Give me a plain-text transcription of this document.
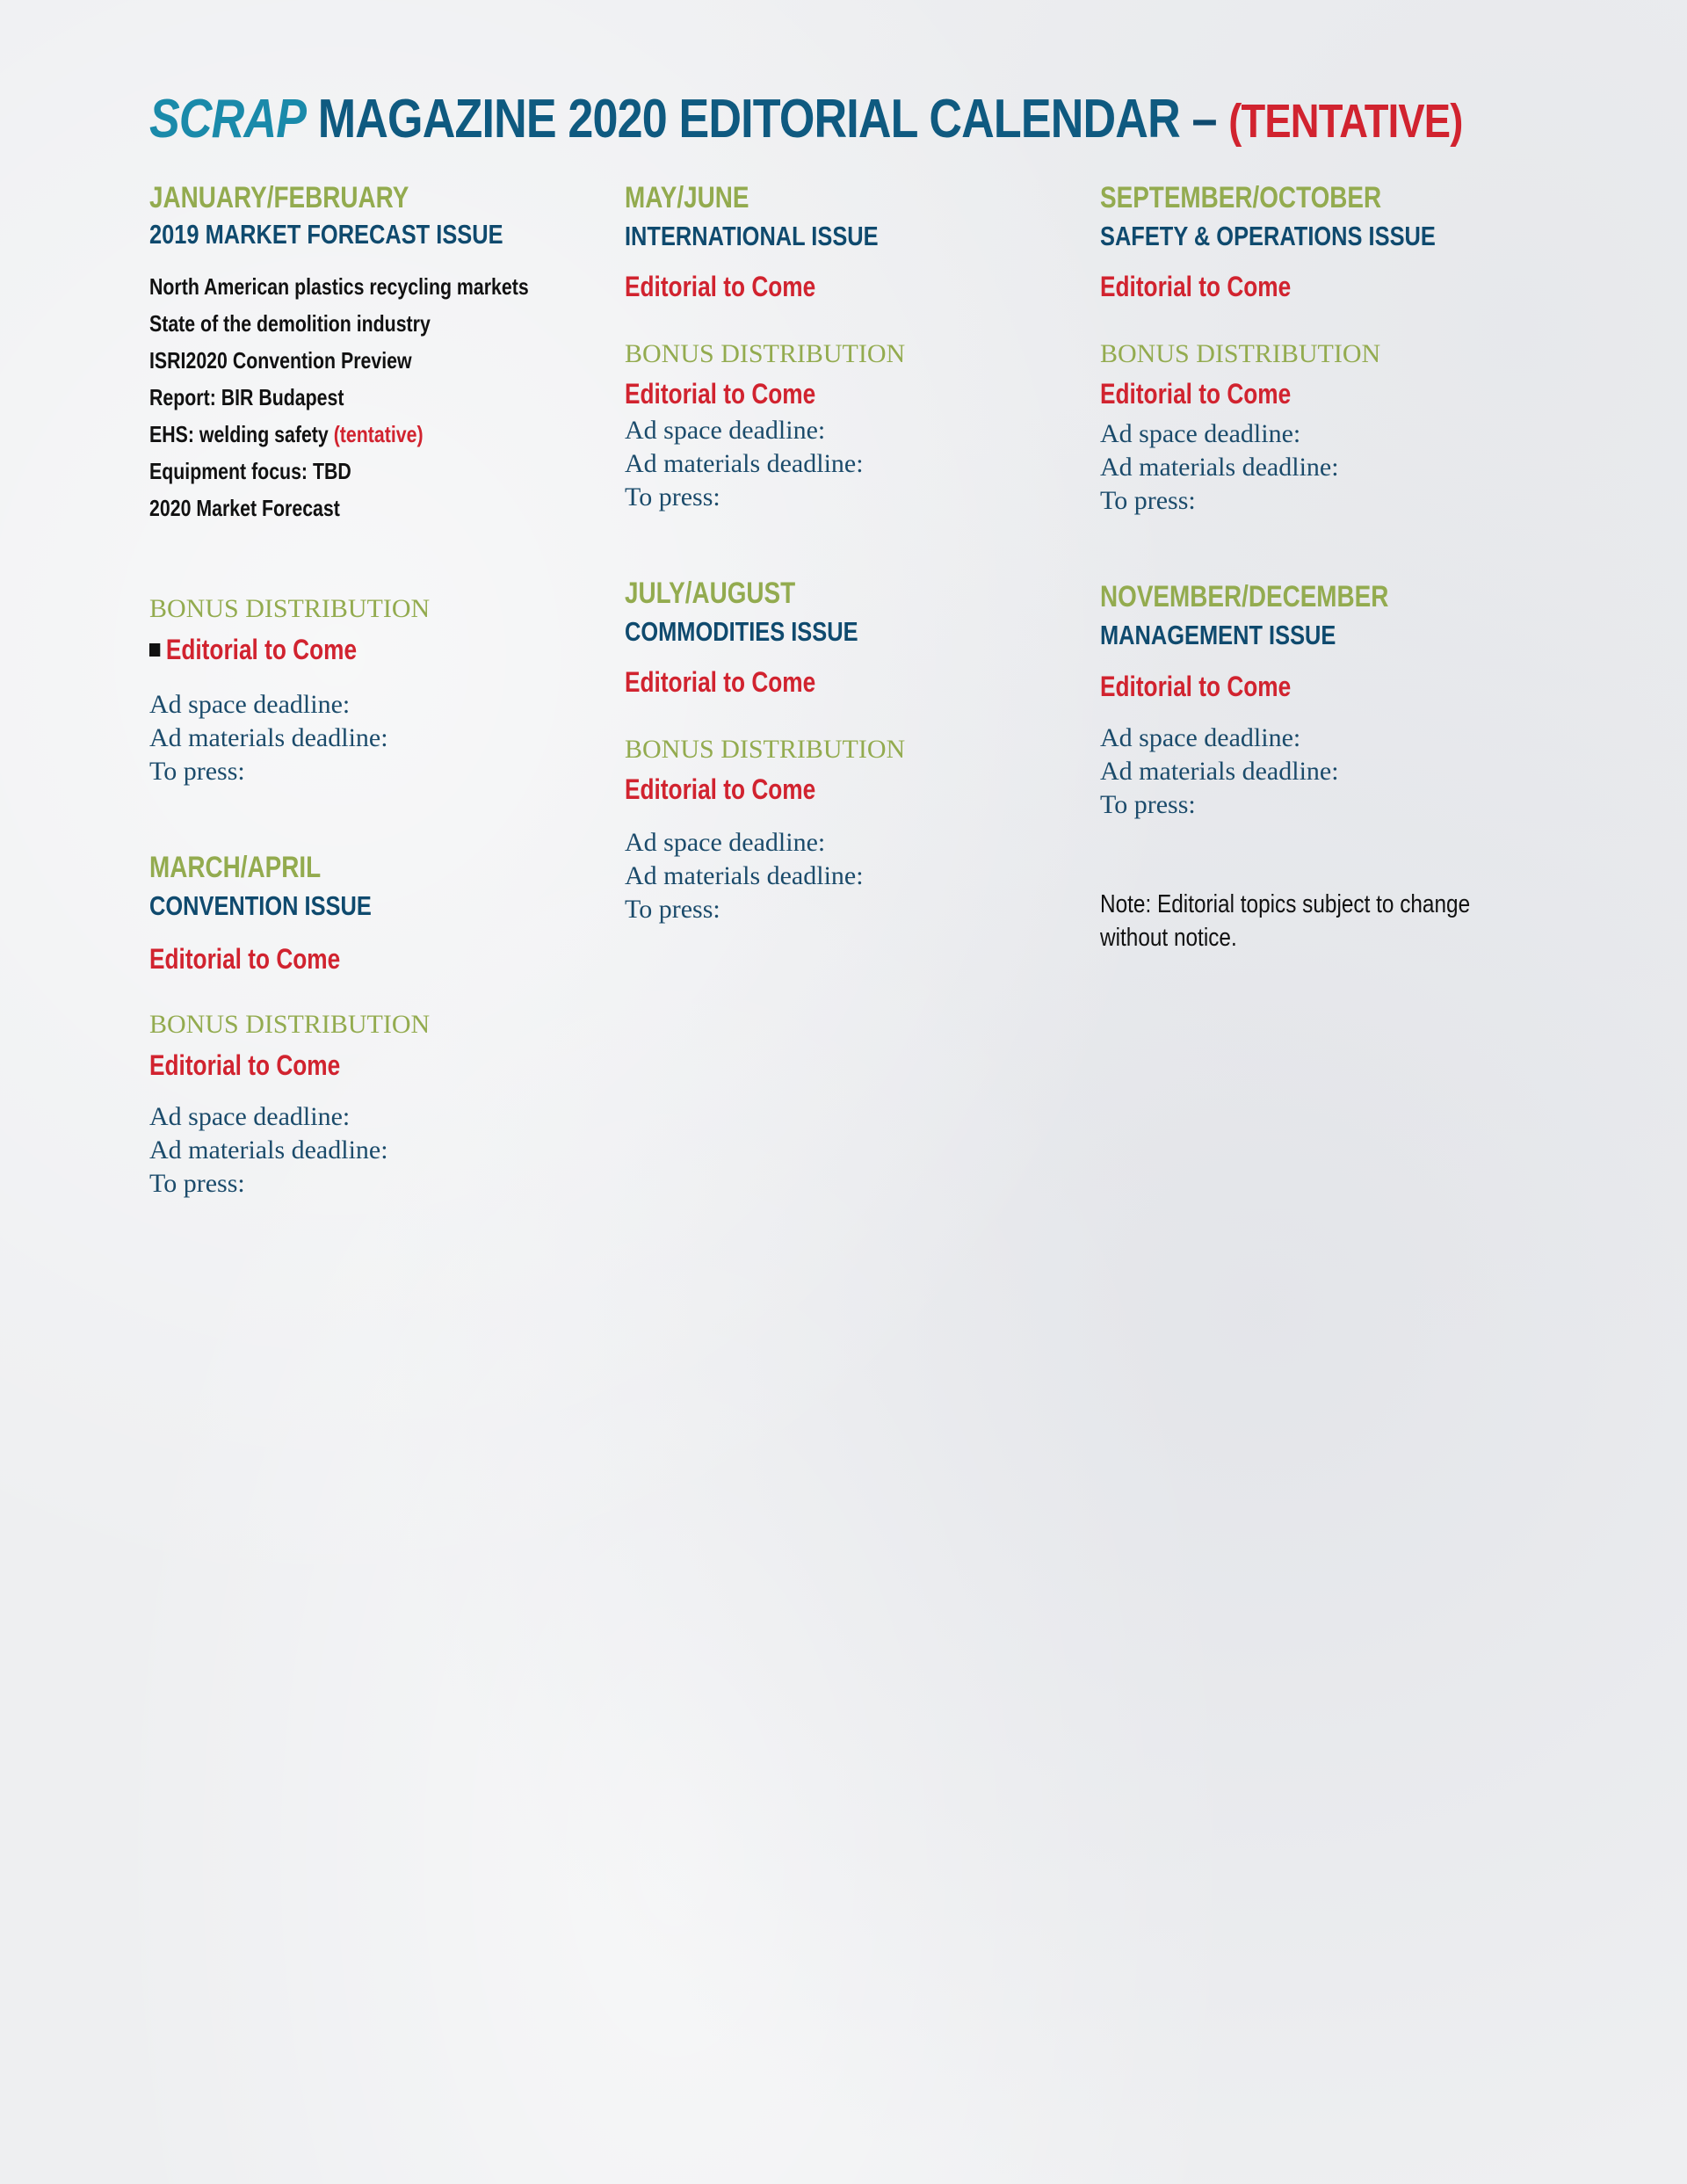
SCRAP MAGAZINE 2020 EDITORIAL CALENDAR – (TENTATIVE)
JANUARY/FEBRUARY
2019 MARKET FORECAST ISSUE
North American plastics recycling markets
State of the demolition industry
ISRI2020 Convention Preview
Report: BIR Budapest
EHS: welding safety (tentative)
Equipment focus: TBD
2020 Market Forecast
BONUS DISTRIBUTION
Editorial to Come
Ad space deadline:
Ad materials deadline:
To press:
MARCH/APRIL
CONVENTION ISSUE
Editorial to Come
BONUS DISTRIBUTION
Editorial to Come
Ad space deadline:
Ad materials deadline:
To press:
MAY/JUNE
INTERNATIONAL ISSUE
Editorial to Come
BONUS DISTRIBUTION
Editorial to Come
Ad space deadline:
Ad materials deadline:
To press:
JULY/AUGUST
COMMODITIES ISSUE
Editorial to Come
BONUS DISTRIBUTION
Editorial to Come
Ad space deadline:
Ad materials deadline:
To press:
SEPTEMBER/OCTOBER
SAFETY & OPERATIONS ISSUE
Editorial to Come
BONUS DISTRIBUTION
Editorial to Come
Ad space deadline:
Ad materials deadline:
To press:
NOVEMBER/DECEMBER
MANAGEMENT ISSUE
Editorial to Come
Ad space deadline:
Ad materials deadline:
To press:
Note: Editorial topics subject to change
without notice.
